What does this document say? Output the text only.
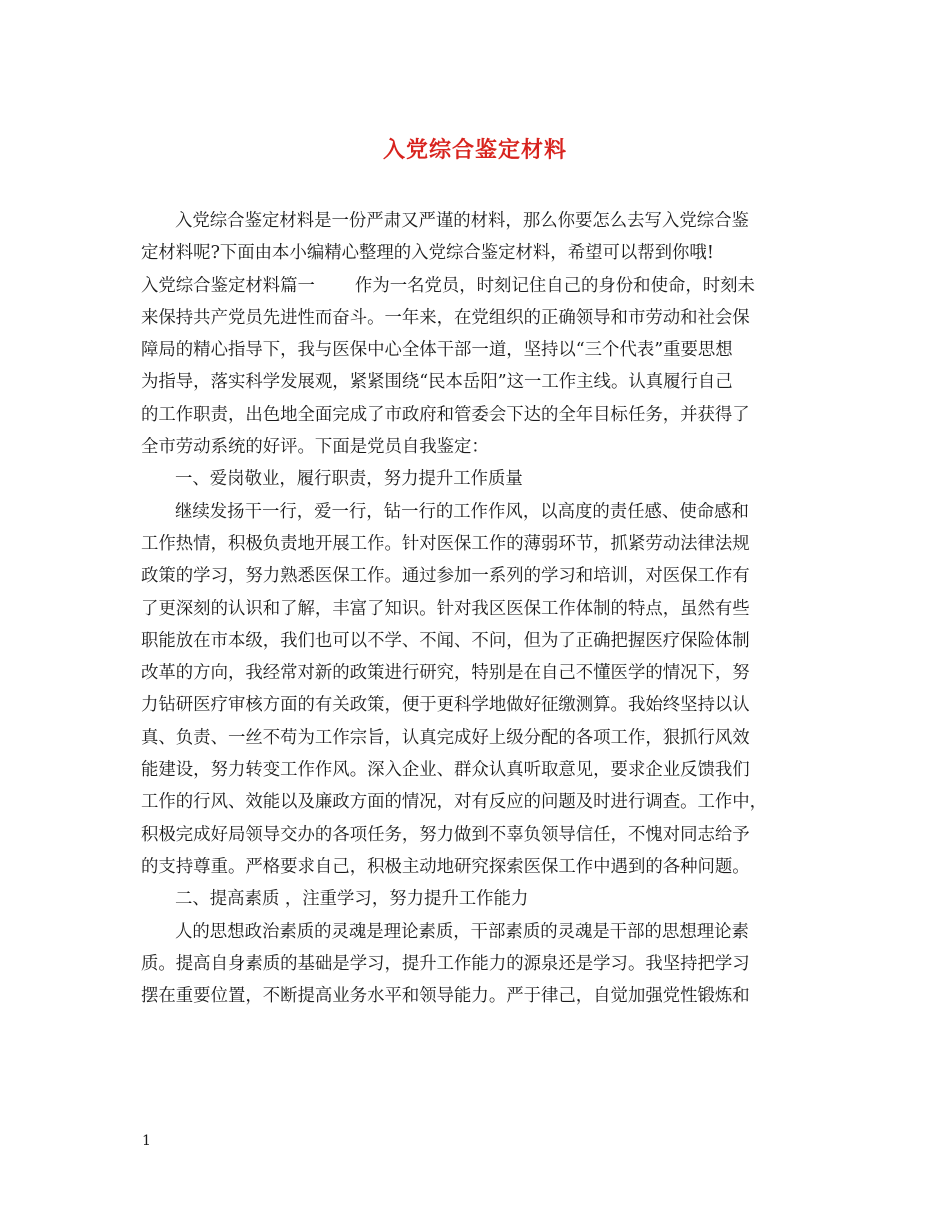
入党综合鉴定材料
入党综合鉴定材料是一份严肃又严谨的材料，那么你要怎么去写入党综合鉴
定材料呢?下面由本小编精心整理的入党综合鉴定材料，希望可以帮到你哦!
入党综合鉴定材料篇一 作为一名党员，时刻记住自己的身份和使命，时刻未
来保持共产党员先进性而奋斗。一年来，在党组织的正确领导和市劳动和社会保
障局的精心指导下，我与医保中心全体干部一道，坚持以“三个代表”重要思想
为指导，落实科学发展观，紧紧围绕“民本岳阳”这一工作主线。认真履行自己
的工作职责，出色地全面完成了市政府和管委会下达的全年目标任务，并获得了
全市劳动系统的好评。下面是党员自我鉴定：
一、爱岗敬业，履行职责，努力提升工作质量
继续发扬干一行，爱一行，钻一行的工作作风，以高度的责任感、使命感和
工作热情，积极负责地开展工作。针对医保工作的薄弱环节，抓紧劳动法律法规
政策的学习，努力熟悉医保工作。通过参加一系列的学习和培训，对医保工作有
了更深刻的认识和了解，丰富了知识。针对我区医保工作体制的特点，虽然有些
职能放在市本级，我们也可以不学、不闻、不问，但为了正确把握医疗保险体制
改革的方向，我经常对新的政策进行研究，特别是在自己不懂医学的情况下，努
力钻研医疗审核方面的有关政策，便于更科学地做好征缴测算。我始终坚持以认
真、负责、一丝不苟为工作宗旨，认真完成好上级分配的各项工作，狠抓行风效
能建设，努力转变工作作风。深入企业、群众认真听取意见，要求企业反馈我们
工作的行风、效能以及廉政方面的情况，对有反应的问题及时进行调查。工作中，
积极完成好局领导交办的各项任务，努力做到不辜负领导信任，不愧对同志给予
的支持尊重。严格要求自己，积极主动地研究探索医保工作中遇到的各种问题。
二、提高素质 ，注重学习，努力提升工作能力
人的思想政治素质的灵魂是理论素质，干部素质的灵魂是干部的思想理论素
质。提高自身素质的基础是学习，提升工作能力的源泉还是学习。我坚持把学习
摆在重要位置，不断提高业务水平和领导能力。严于律己，自觉加强党性锻炼和
1
